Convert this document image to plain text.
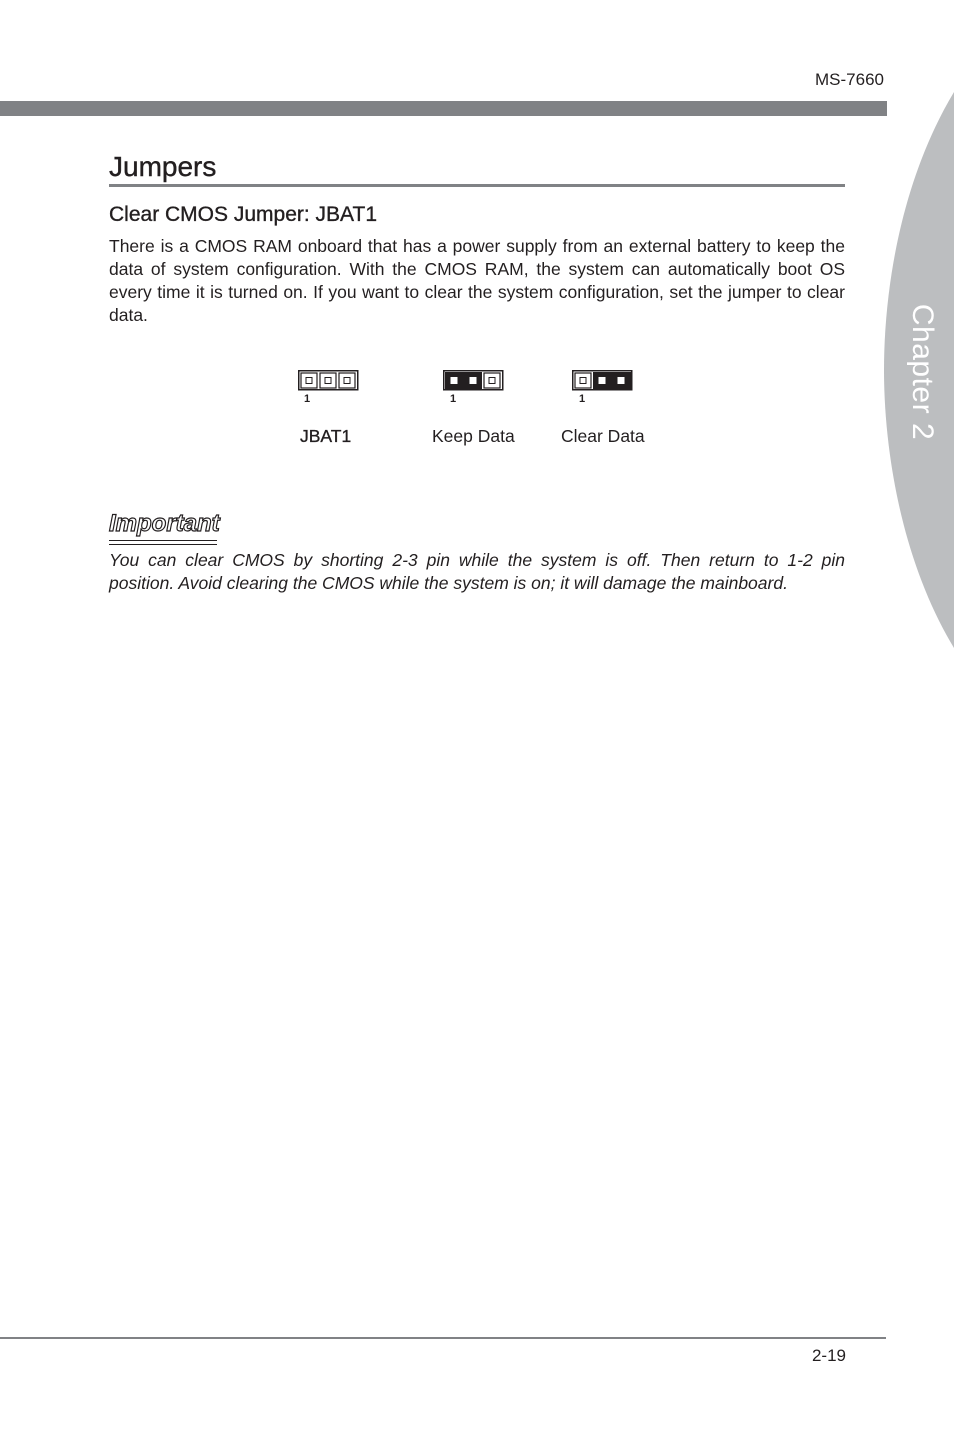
MS-7660
Chapter 2
Jumpers
Clear CMOS Jumper: JBAT1

There is a CMOS RAM onboard that has a power supply from an external battery to keep the data of system configuration. With the CMOS RAM, the system can automatically boot OS every time it is turned on. If you want to clear the system configuration, set the jumper to clear data.

1
JBAT1
1
Keep Data
1
Clear Data
Important

You can clear CMOS by shorting 2-3 pin while the system is off. Then return to 1-2 pin position. Avoid clearing the CMOS while the system is on; it will damage the mainboard.

2-19
